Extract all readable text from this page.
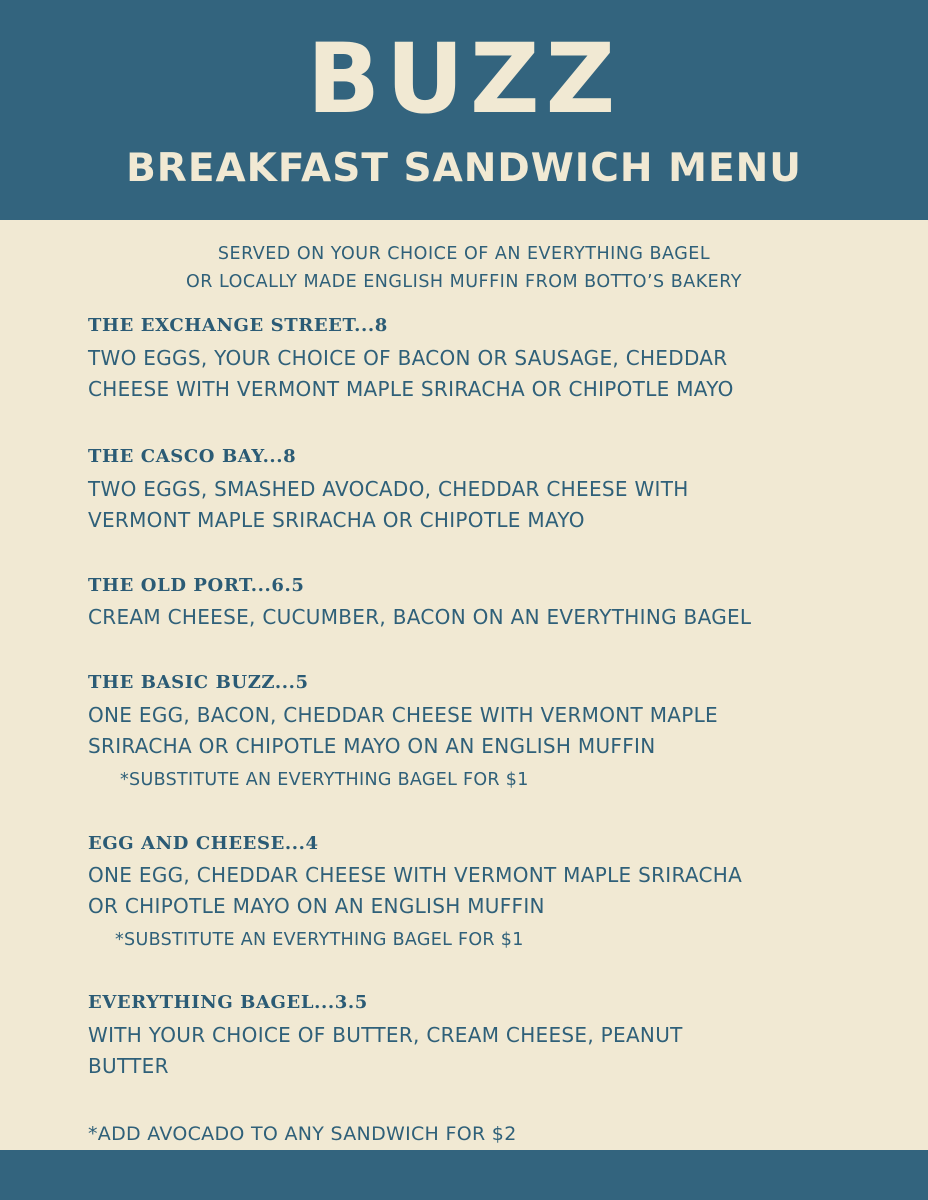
BUZZ
BREAKFAST SANDWICH MENU
SERVED ON YOUR CHOICE OF AN EVERYTHING BAGEL
OR LOCALLY MADE ENGLISH MUFFIN FROM BOTTO’S BAKERY
THE EXCHANGE STREET...8
TWO EGGS, YOUR CHOICE OF BACON OR SAUSAGE, CHEDDAR
CHEESE WITH VERMONT MAPLE SRIRACHA OR CHIPOTLE MAYO
THE CASCO BAY...8
TWO EGGS, SMASHED AVOCADO, CHEDDAR CHEESE WITH
VERMONT MAPLE SRIRACHA OR CHIPOTLE MAYO
THE OLD PORT...6.5
CREAM CHEESE, CUCUMBER, BACON ON AN EVERYTHING BAGEL
THE BASIC BUZZ...5
ONE EGG, BACON, CHEDDAR CHEESE WITH VERMONT MAPLE
SRIRACHA OR CHIPOTLE MAYO ON AN ENGLISH MUFFIN
*SUBSTITUTE AN EVERYTHING BAGEL FOR $1
EGG AND CHEESE...4
ONE EGG, CHEDDAR CHEESE WITH VERMONT MAPLE SRIRACHA
OR CHIPOTLE MAYO ON AN ENGLISH MUFFIN
*SUBSTITUTE AN EVERYTHING BAGEL FOR $1
EVERYTHING BAGEL...3.5
WITH YOUR CHOICE OF BUTTER, CREAM CHEESE, PEANUT
BUTTER
*ADD AVOCADO TO ANY SANDWICH FOR $2
